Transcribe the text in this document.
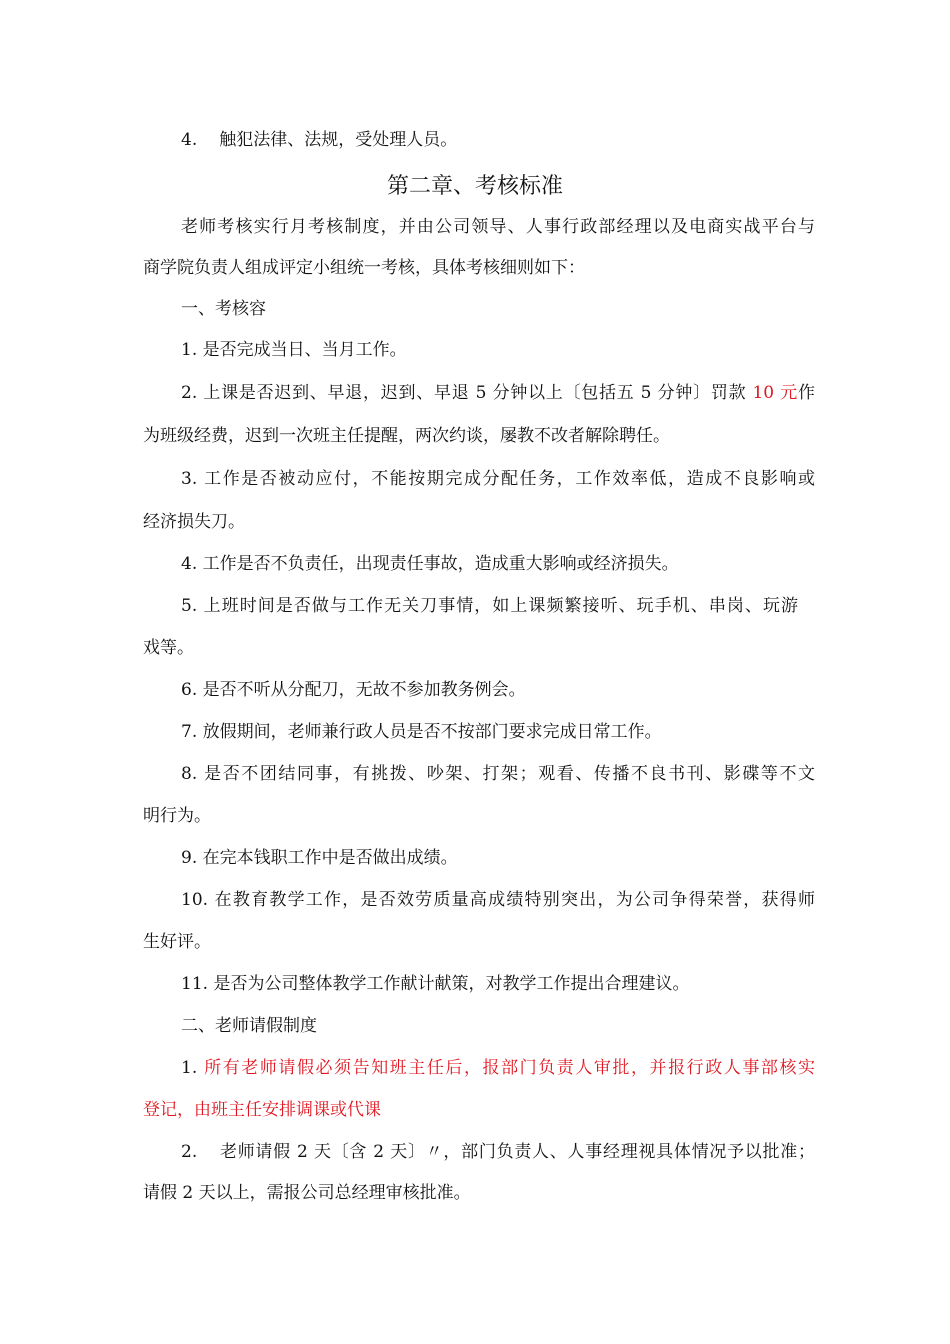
4. 触犯法律、法规，受处理人员。
第二章、考核标准
老师考核实行月考核制度，并由公司领导、人事行政部经理以及电商实战平台与
商学院负责人组成评定小组统一考核，具体考核细则如下：
一、考核容
1. 是否完成当日、当月工作。
2. 上课是否迟到、早退，迟到、早退 5 分钟以上〔包括五 5 分钟〕罚款 10 元作
为班级经费，迟到一次班主任提醒，两次约谈，屡教不改者解除聘任。
3. 工作是否被动应付，不能按期完成分配任务，工作效率低，造成不良影响或
经济损失刀。
4. 工作是否不负责任，出现责任事故，造成重大影响或经济损失。
5. 上班时间是否做与工作无关刀事情，如上课频繁接听、玩手机、串岗、玩游
戏等。
6. 是否不听从分配刀，无故不参加教务例会。
7. 放假期间，老师兼行政人员是否不按部门要求完成日常工作。
8. 是否不团结同事，有挑拨、吵架、打架；观看、传播不良书刊、影碟等不文
明行为。
9. 在完本钱职工作中是否做出成绩。
10. 在教育教学工作，是否效劳质量高成绩特别突出，为公司争得荣誉，获得师
生好评。
11. 是否为公司整体教学工作献计献策，对教学工作提出合理建议。
二、老师请假制度
1. 所有老师请假必须告知班主任后，报部门负责人审批，并报行政人事部核实
登记，由班主任安排调课或代课
2. 老师请假 2 天〔含 2 天〕〃，部门负责人、人事经理视具体情况予以批准；
请假 2 天以上，需报公司总经理审核批准。
